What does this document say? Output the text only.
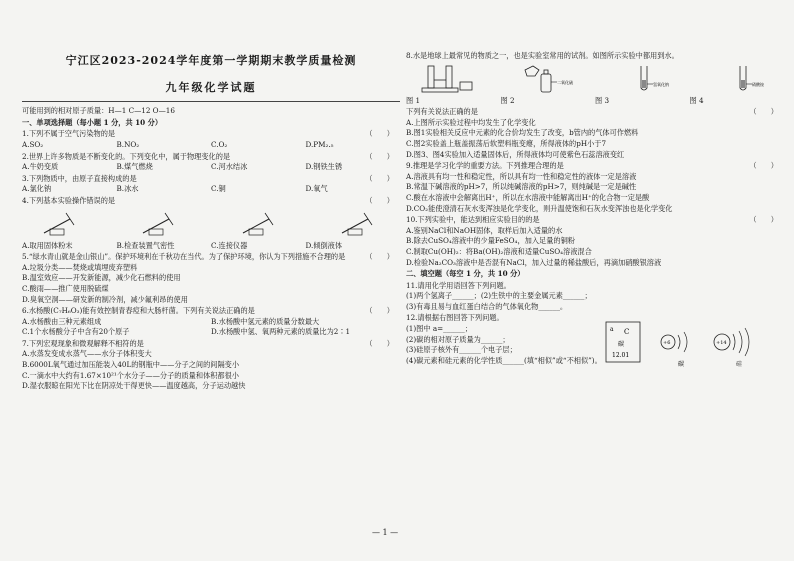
宁江区2023-2024学年度第一学期期末教学质量检测
九年级化学试题
可能用到的相对原子质量：H—1 C—12 O—16
一、单项选择题（每小题 1 分，共 10 分）
1.下列不属于空气污染物的是	（ ）
A.SO₂	B.NO₂	C.O₂	D.PM₂.₅
2.世界上许多物质是不断变化的。下列变化中，属于物理变化的是	（ ）
A.牛奶变质	B.煤气燃烧	C.河水结冰	D.钢铁生锈
3.下列物质中，由原子直接构成的是	（ ）
A.氯化钠	B.冰水	C.铜	D.氧气
4.下列基本实验操作错误的是	（ ）
A.取用固体粉末	B.检查装置气密性	C.连接仪器	D.倾倒液体
5.“绿水青山就是金山银山”。保护环境利在千秋功在当代。为了保护环境，你认为下列措施不合理的是	（ ）
A.垃圾分类——焚烧或填埋废弃塑料
B.温室效应——开发新能源，减少化石燃料的使用
C.酸雨——推广使用脱硫煤
D.臭氧空洞——研发新的制冷剂，减少氟利昂的使用
6.水杨酸(C₇H₆O₃)能有效控制青春痘和大肠杆菌。下列有关说法正确的是	（ ）
A.水杨酸由三种元素组成	B.水杨酸中氢元素的质量分数最大
C.1个水杨酸分子中含有20个原子	D.水杨酸中氢、氧两种元素的质量比为2∶1
7.下列宏观现象和微观解释不相符的是	（ ）
A.水蒸发变成水蒸气——水分子体积变大
B.6000L氧气通过加压能装入40L的钢瓶中——分子之间的间隔变小
C.一滴水中大约有1.67×10²¹个水分子——分子的质量和体积都很小
D.湿衣服晾在阳光下比在阴凉处干得更快——温度越高，分子运动越快
8.水是地球上最常见的物质之一，也是实验室常用的试剂。如图所示实验中都用到水。
二氧化硫	氢氧化钠	硝酸铵
图 1	图 2	图 3	图 4
下列有关说法正确的是	（ ）
A.上图所示实验过程中均发生了化学变化
B.图1实验相关反应中元素的化合价均发生了改变，b管内的气体可作燃料
C.图2实验盖上瓶盖振荡后软塑料瓶变瘪，所得液体的pH小于7
D.图3、图4实验加入适量固体后，所得液体均可使紫色石蕊溶液变红
9.推理是学习化学的重要方法。下列推理合理的是	（ ）
A.溶液具有均一性和稳定性，所以具有均一性和稳定性的液体一定是溶液
B.常温下碱溶液的pH>7，所以纯碱溶液的pH>7，则纯碱是一定是碱性
C.酸在水溶液中会解离出H⁺，所以在水溶液中能解离出H⁺的化合物一定是酸
D.CO₂能使澄清石灰水变浑浊是化学变化，则升温使饱和石灰水变浑浊也是化学变化
10.下列实验中，能达到相应实验目的的是	（ ）
A.鉴别NaCl和NaOH固体，取样后加入适量的水
B.除去CuSO₄溶液中的少量FeSO₄，加入足量的铜粉
C.制取Cu(OH)₂：将Ba(OH)₂溶液和适量CuSO₄溶液混合
D.检验Na₂CO₃溶液中是否混有NaCl，加入过量的稀盐酸后，再滴加硝酸银溶液
二、填空题（每空 1 分，共 10 分）
11.请用化学用语回答下列问题。
(1)两个氢离子______；(2)生铁中的主要金属元素______；
(3)有毒且易与血红蛋白结合的气体氧化物______。
12.请根据右图回答下列问题。
(1)图中 a=______；
(2)碳的相对原子质量为______；
(3)硅原子核外有______个电子层；
(4)碳元素和硅元素的化学性质______(填“相似”或“不相似”)。
a C
碳
12.01
+6
碳
+14
硅
— 1 —
